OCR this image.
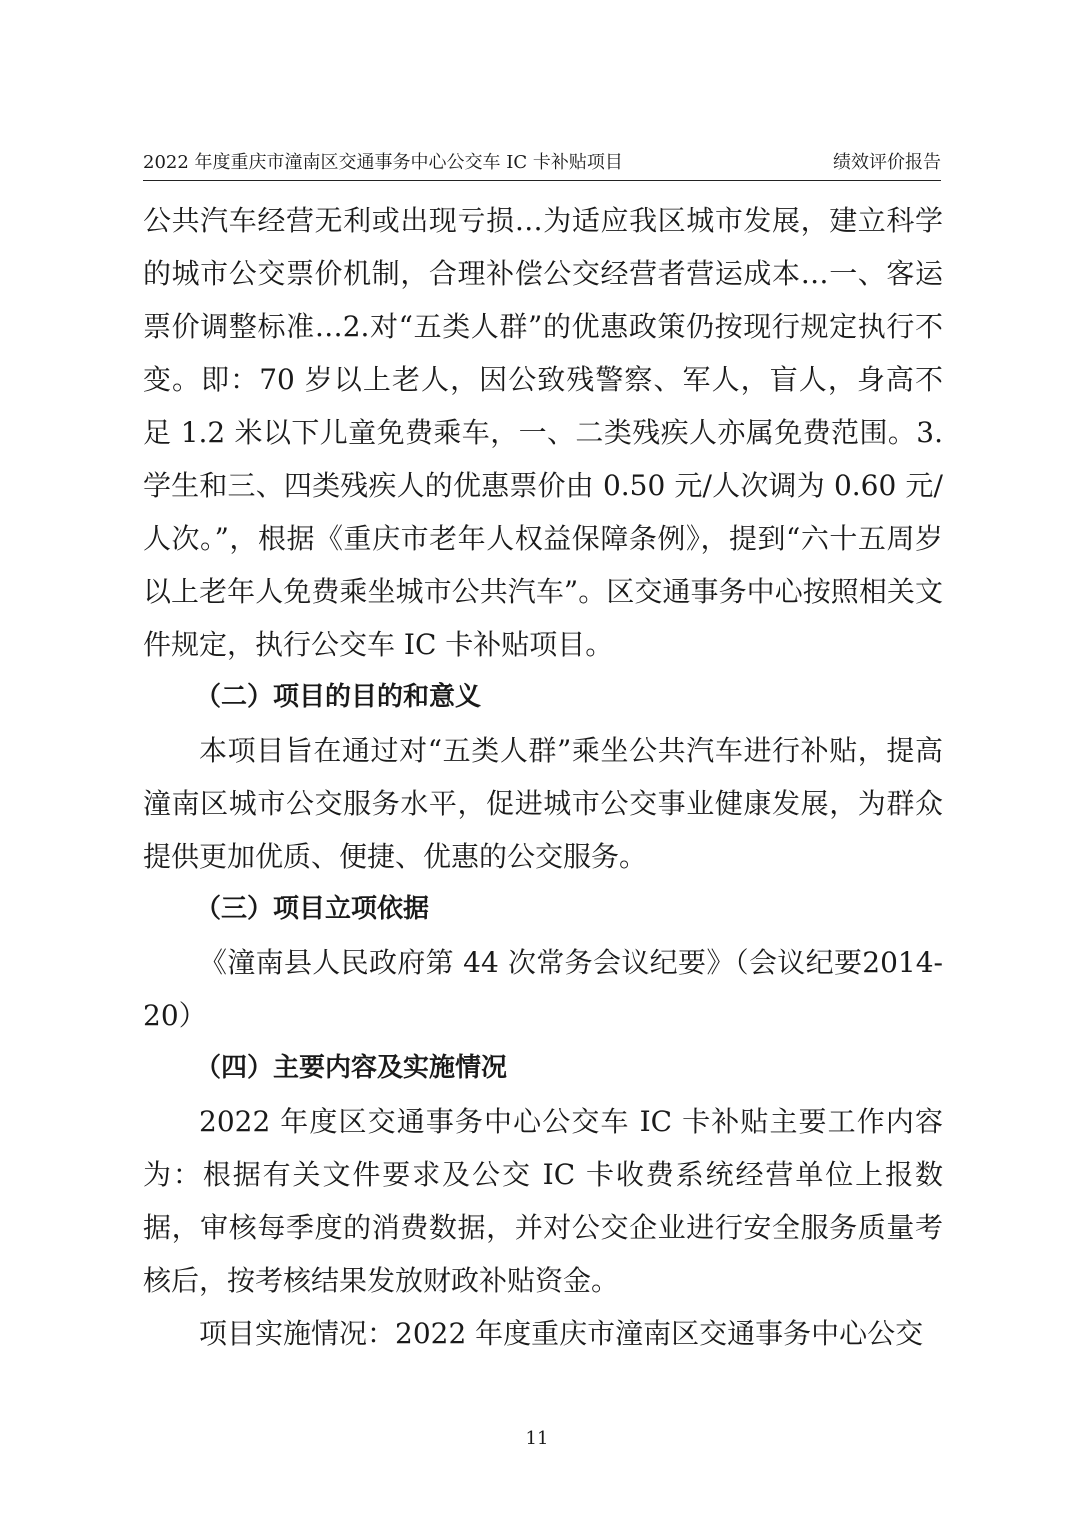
2022 年度重庆市潼南区交通事务中心公交车 IC 卡补贴项目	绩效评价报告

公共汽车经营无利或出现亏损…为适应我区城市发展，建立科学的城市公交票价机制，合理补偿公交经营者营运成本…一、客运票价调整标准…2.对“五类人群”的优惠政策仍按现行规定执行不变。即：70 岁以上老人，因公致残警察、军人，盲人，身高不足 1.2 米以下儿童免费乘车，一、二类残疾人亦属免费范围。3.学生和三、四类残疾人的优惠票价由 0.50 元/人次调为 0.60 元/人次。”，根据《重庆市老年人权益保障条例》，提到“六十五周岁以上老年人免费乘坐城市公共汽车”。区交通事务中心按照相关文件规定，执行公交车 IC 卡补贴项目。

（二）项目的目的和意义

本项目旨在通过对“五类人群”乘坐公共汽车进行补贴，提高潼南区城市公交服务水平，促进城市公交事业健康发展，为群众提供更加优质、便捷、优惠的公交服务。

（三）项目立项依据

《潼南县人民政府第 44 次常务会议纪要》（会议纪要2014-20）

（四）主要内容及实施情况

2022 年度区交通事务中心公交车 IC 卡补贴主要工作内容为：根据有关文件要求及公交 IC 卡收费系统经营单位上报数据，审核每季度的消费数据，并对公交企业进行安全服务质量考核后，按考核结果发放财政补贴资金。

项目实施情况：2022 年度重庆市潼南区交通事务中心公交

11
